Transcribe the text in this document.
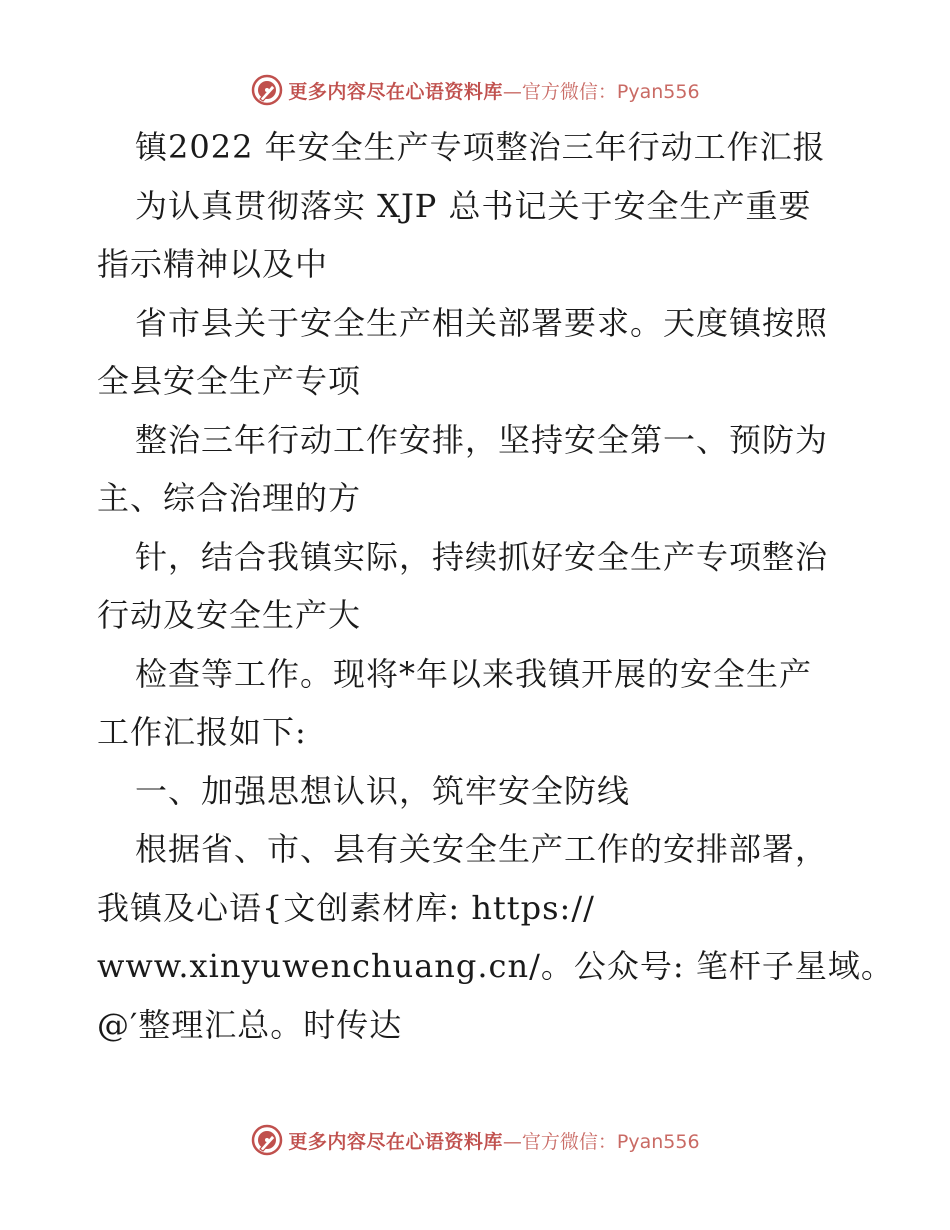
更多内容尽在心语资料库 —官方微信：Pyan556
镇2022 年安全生产专项整治三年行动工作汇报
为认真贯彻落实 XJP 总书记关于安全生产重要
指示精神以及中
省市县关于安全生产相关部署要求。天度镇按照
全县安全生产专项
整治三年行动工作安排，坚持安全第一、预防为
主、综合治理的方
针，结合我镇实际，持续抓好安全生产专项整治
行动及安全生产大
检查等工作。现将*年以来我镇开展的安全生产
工作汇报如下:
一、加强思想认识，筑牢安全防线
根据省、市、县有关安全生产工作的安排部署，
我镇及心语{文创素材库: https://
www.xinyuwenchuang.cn/。公众号: 笔杆子星域。
@′整理汇总。时传达
更多内容尽在心语资料库 —官方微信：Pyan556
